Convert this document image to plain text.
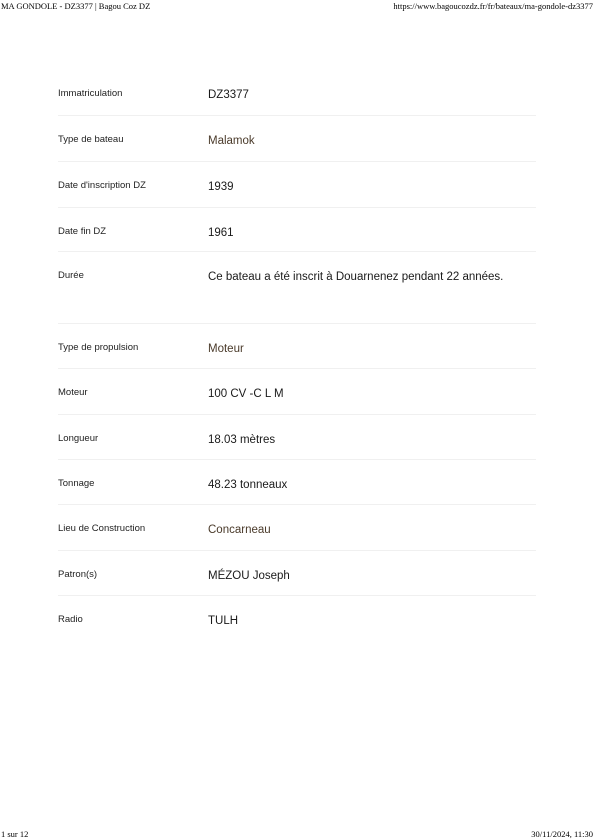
MA GONDOLE - DZ3377 | Bagou Coz DZ	https://www.bagoucozdz.fr/fr/bateaux/ma-gondole-dz3377
Immatriculation	DZ3377
Type de bateau	Malamok
Date d'inscription DZ	1939
Date fin DZ	1961
Durée	Ce bateau a été inscrit à Douarnenez pendant 22 années.
Type de propulsion	Moteur
Moteur	100 CV -C L M
Longueur	18.03 mètres
Tonnage	48.23 tonneaux
Lieu de Construction	Concarneau
Patron(s)	MÉZOU Joseph
Radio	TULH
1 sur 12	30/11/2024, 11:30
